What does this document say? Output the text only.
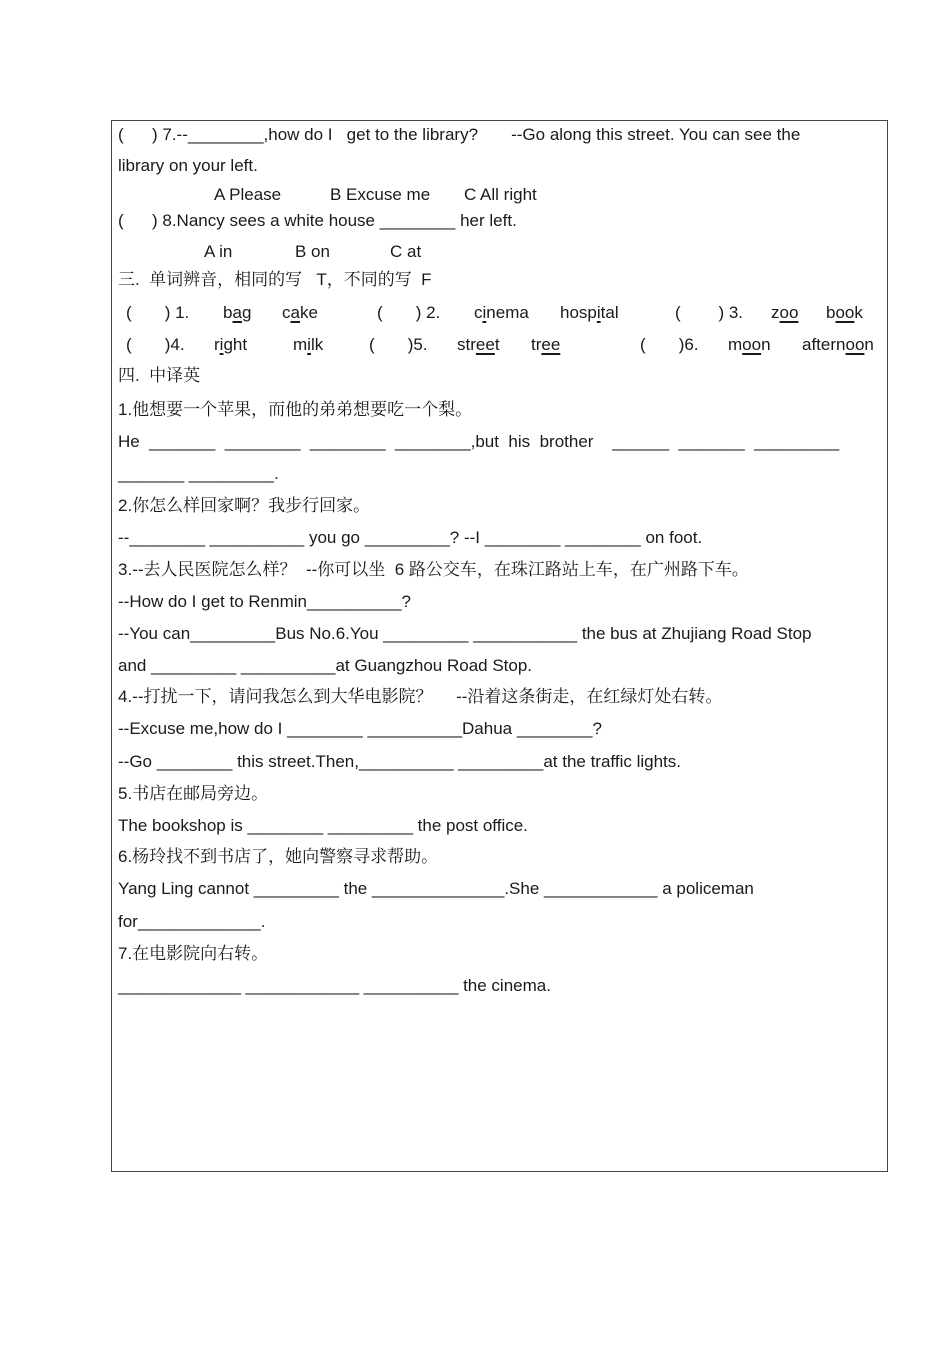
(      ) 7.--________,how do I   get to the library?       --Go along this street. You can see the
library on your left.
A Please	B Excuse me C All right
(      ) 8.Nancy sees a white house ________ her left.
A in	B on	C at
三.  单词辨音，相同的写   T，不同的写  F
(       ) 1. bag cake	(       ) 2. cinema hospital	(        ) 3. zoo book
(       )4. right	milk	(       )5. street tree	(       )6. moon afternoon
四.  中译英
1.他想要一个苹果，而他的弟弟想要吃一个梨。
He  _______  ________  ________  ________,but  his  brother    ______  _______  _________
_______ _________.
2.你怎么样回家啊？我步行回家。
--________ __________ you go _________? --I ________ ________ on foot.
3.--去人民医院怎么样？  --你可以坐  6 路公交车，在珠江路站上车，在广州路下车。
--How do I get to Renmin__________?
--You can_________Bus No.6.You _________ ___________ the bus at Zhujiang Road Stop
and _________ __________at Guangzhou Road Stop.
4.--打扰一下，请问我怎么到大华电影院？     --沿着这条街走，在红绿灯处右转。
--Excuse me,how do I ________ __________Dahua ________?
--Go ________ this street.Then,__________ _________at the traffic lights.
5.书店在邮局旁边。
The bookshop is ________ _________ the post office.
6.杨玲找不到书店了，她向警察寻求帮助。
Yang Ling cannot _________ the ______________.She ____________ a policeman
for_____________.
7.在电影院向右转。
_____________ ____________ __________ the cinema.
